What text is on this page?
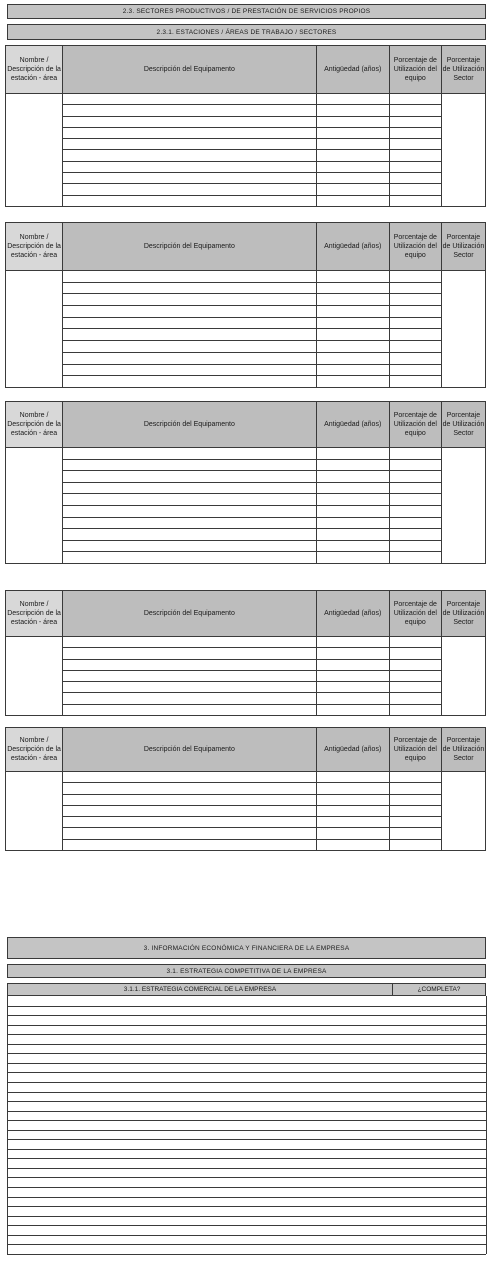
2.3. SECTORES PRODUCTIVOS / DE PRESTACIÓN DE SERVICIOS PROPIOS
2.3.1. ESTACIONES / ÁREAS DE TRABAJO / SECTORES
Nombre / Descripción de la estación - área	Descripción del Equipamento	Antigüedad (años)	Porcentaje de Utilización del equipo	Porcentaje de Utilización Sector

Nombre / Descripción de la estación - área	Descripción del Equipamento	Antigüedad (años)	Porcentaje de Utilización del equipo	Porcentaje de Utilización Sector

Nombre / Descripción de la estación - área	Descripción del Equipamento	Antigüedad (años)	Porcentaje de Utilización del equipo	Porcentaje de Utilización Sector

Nombre / Descripción de la estación - área	Descripción del Equipamento	Antigüedad (años)	Porcentaje de Utilización del equipo	Porcentaje de Utilización Sector

Nombre / Descripción de la estación - área	Descripción del Equipamento	Antigüedad (años)	Porcentaje de Utilización del equipo	Porcentaje de Utilización Sector

3. INFORMACIÓN ECONÓMICA Y FINANCIERA DE LA EMPRESA
3.1. ESTRATEGIA COMPETITIVA DE LA EMPRESA
3.1.1. ESTRATEGIA COMERCIAL DE LA EMPRESA	¿COMPLETA?
